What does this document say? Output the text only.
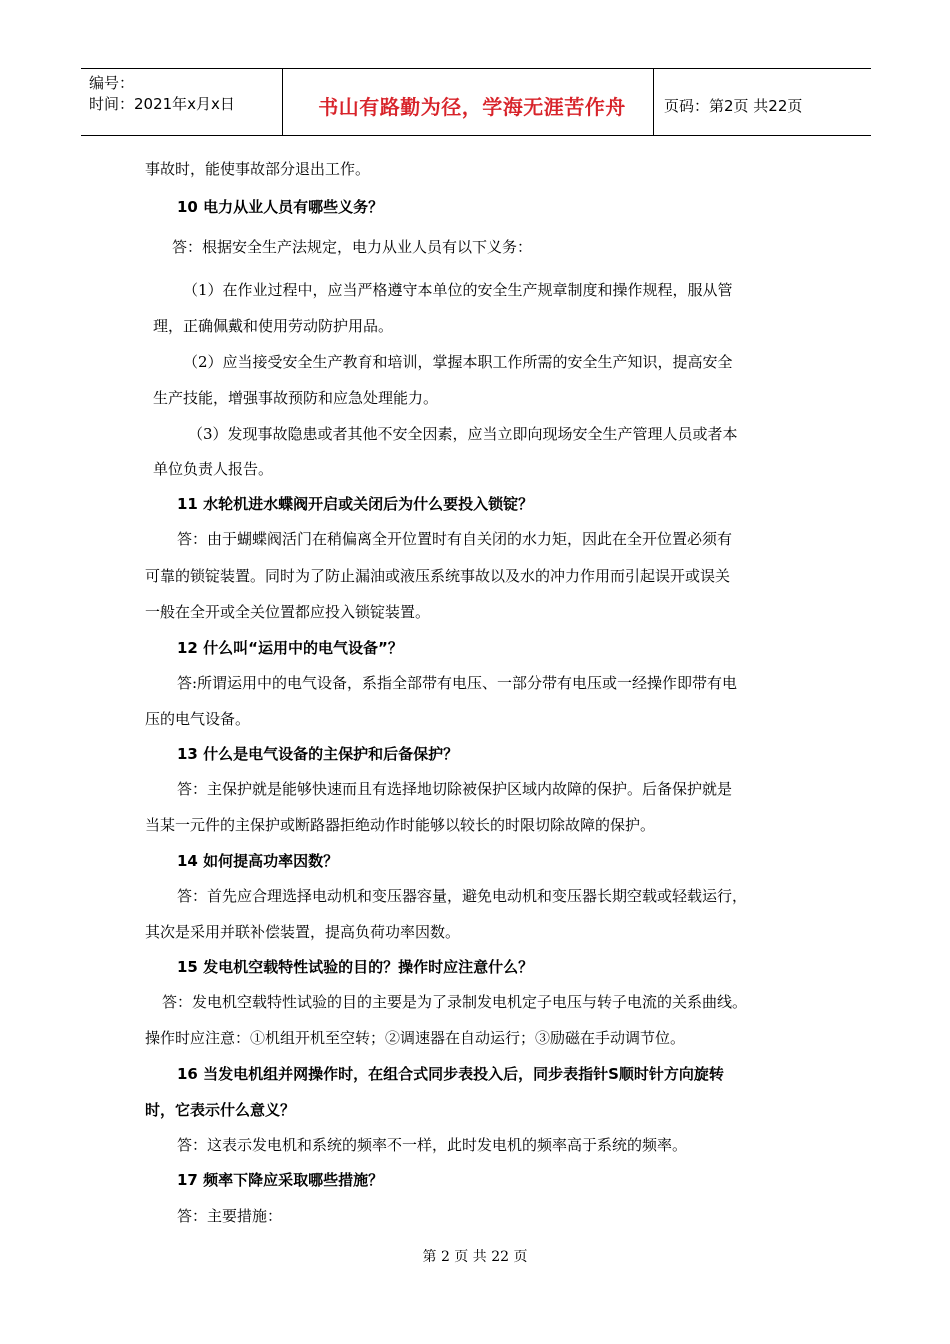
编号：
时间：2021年x月x日	书山有路勤为径，学海无涯苦作舟	页码：第2页 共22页
事故时，能使事故部分退出工作。
10 电力从业人员有哪些义务？
答：根据安全生产法规定，电力从业人员有以下义务：
（1）在作业过程中，应当严格遵守本单位的安全生产规章制度和操作规程，服从管
理，正确佩戴和使用劳动防护用品。
（2）应当接受安全生产教育和培训，掌握本职工作所需的安全生产知识，提高安全
生产技能，增强事故预防和应急处理能力。
（3）发现事故隐患或者其他不安全因素，应当立即向现场安全生产管理人员或者本
单位负责人报告。
11 水轮机进水蝶阀开启或关闭后为什么要投入锁锭？
答：由于蝴蝶阀活门在稍偏离全开位置时有自关闭的水力矩，因此在全开位置必须有
可靠的锁锭装置。同时为了防止漏油或液压系统事故以及水的冲力作用而引起误开或误关
一般在全开或全关位置都应投入锁锭装置。
12 什么叫“运用中的电气设备”？
答:所谓运用中的电气设备，系指全部带有电压、一部分带有电压或一经操作即带有电
压的电气设备。
13 什么是电气设备的主保护和后备保护？
答：主保护就是能够快速而且有选择地切除被保护区域内故障的保护。后备保护就是
当某一元件的主保护或断路器拒绝动作时能够以较长的时限切除故障的保护。
14 如何提高功率因数？
答：首先应合理选择电动机和变压器容量，避免电动机和变压器长期空载或轻载运行，
其次是采用并联补偿装置，提高负荷功率因数。
15 发电机空载特性试验的目的？操作时应注意什么？
答：发电机空载特性试验的目的主要是为了录制发电机定子电压与转子电流的关系曲线。
操作时应注意：①机组开机至空转；②调速器在自动运行；③励磁在手动调节位。
16 当发电机组并网操作时，在组合式同步表投入后，同步表指针S顺时针方向旋转
时，它表示什么意义？
答：这表示发电机和系统的频率不一样，此时发电机的频率高于系统的频率。
17 频率下降应采取哪些措施？
答：主要措施：
第 2 页 共 22 页
